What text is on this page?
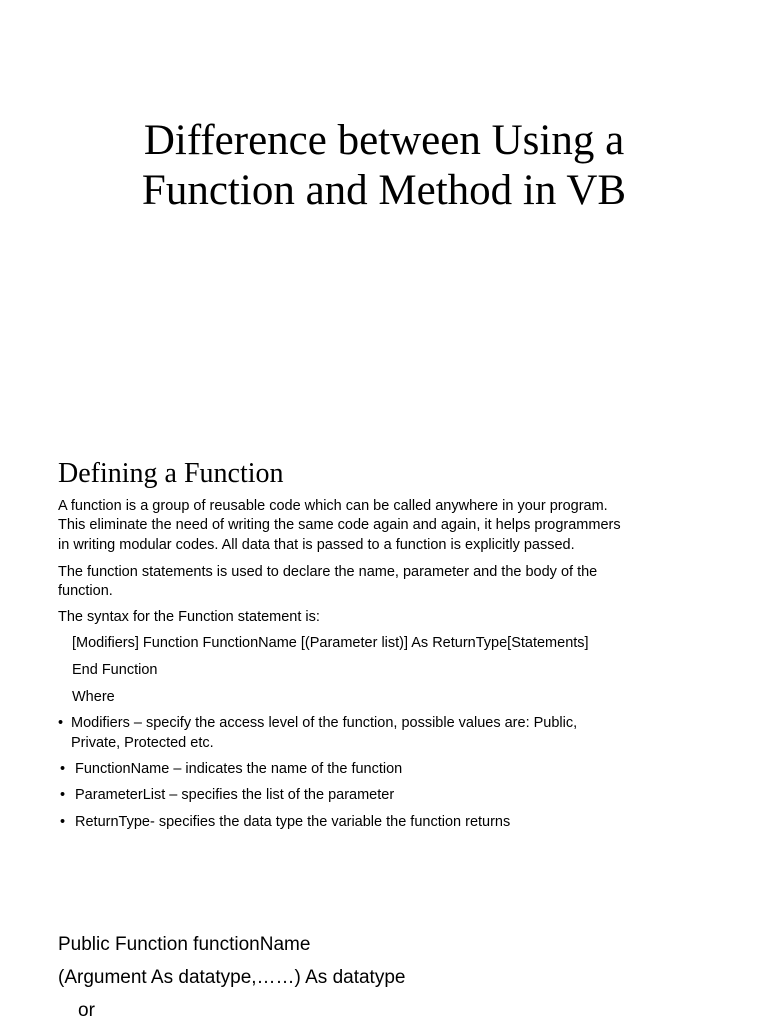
Difference between Using a
Function and Method in VB
Defining a Function
A function is a group of reusable code which can be called anywhere in your program.
This eliminate the need of writing the same code again and again, it helps programmers
in writing modular codes. All data that is passed to a function is explicitly passed.
The function statements is used to declare the name, parameter and the body of the
function.
The syntax for the Function statement is:
[Modifiers] Function FunctionName [(Parameter list)] As ReturnType[Statements]
End Function
Where
• Modifiers – specify the access level of the function, possible values are: Public,
Private, Protected etc.
• FunctionName – indicates the name of the function
• ParameterList – specifies the list of the parameter
• ReturnType- specifies the data type the variable the function returns
Public Function functionName
(Argument As datatype,……) As datatype
or
